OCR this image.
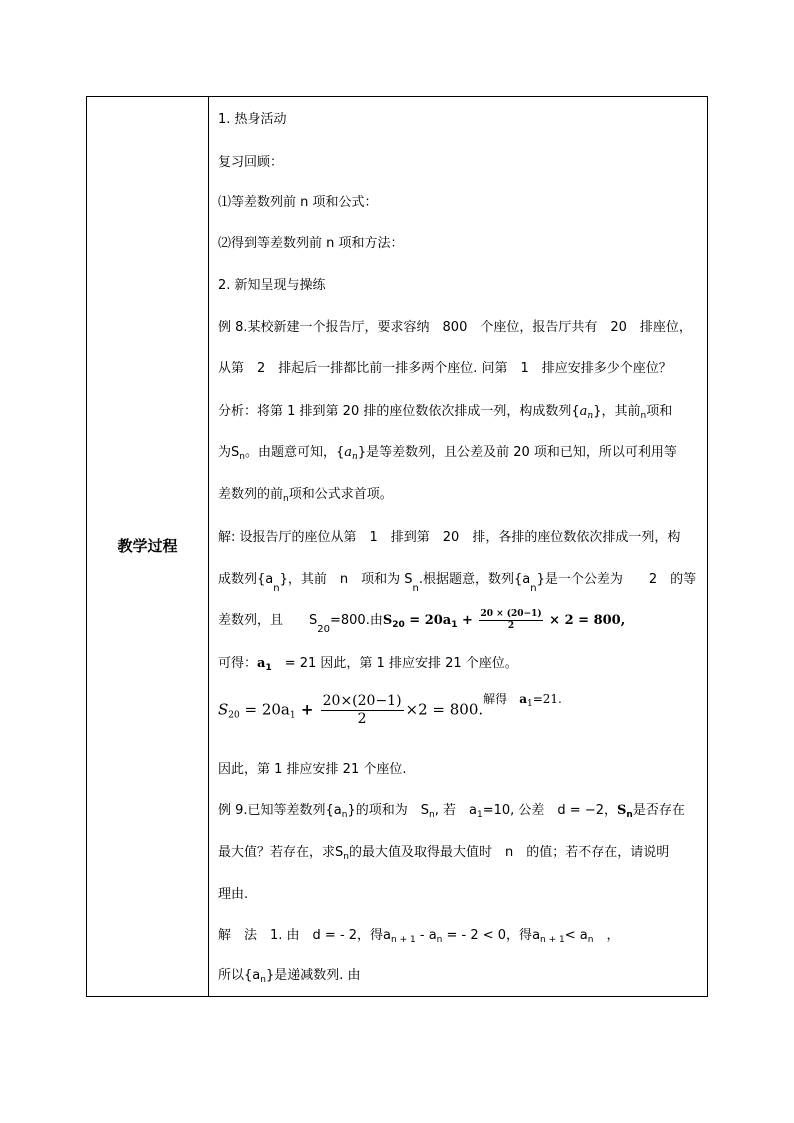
教学过程
1. 热身活动
复习回顾：
⑴等差数列前 n 项和公式：
⑵得到等差数列前 n 项和方法：
2. 新知呈现与操练
例 8.某校新建一个报告厅，要求容纳　800　个座位，报告厅共有　20　排座位，
从第　2　排起后一排都比前一排多两个座位. 问第　1　排应安排多少个座位？
分析：将第 1 排到第 20 排的座位数依次排成一列，构成数列$\{a_n\}$，其前$_n$项和
为$S_n$。由题意可知，$\{a_n\}$是等差数列，且公差及前 20 项和已知，所以可利用等
差数列的前$_n$项和公式求首项。
解: 设报告厅的座位从第　1　排到第　20　排，各排的座位数依次排成一列，构
成数列$\{a_n\}$，其前　n　项和为 $S_n$.根据题意，数列$\{a_n\}$是一个公差为　　2　的等
差数列，且　　$S_{20}=800$.由$S_{20} = 20a_1 + \frac{20 \times (20-1)}{2} \times 2 = 800$,
可得：$a_1$　= 21 因此，第 1 排应安排 21 个座位。
$S_{20} = 20a_1 + \frac{20\times(20-1)}{2} \times 2 = 800.^{解得}$　$^{a1=21.}$
因此，第 1 排应安排 21 个座位.
例 9.已知等差数列$\{a_n\}$的项和为　$S_n$, 若　$a_1=10$, 公差　d = −2，$S_n$是否存在
最大值？若存在，求$S_n$的最大值及取得最大值时　n　的值；若不存在，请说明
理由.
解　法　1. 由　d = - 2，得$a_{n + 1} - a_n$ = - 2 < 0，得$a_{n + 1}< a_n$　，
所以$\{a_n\}$是递减数列. 由
